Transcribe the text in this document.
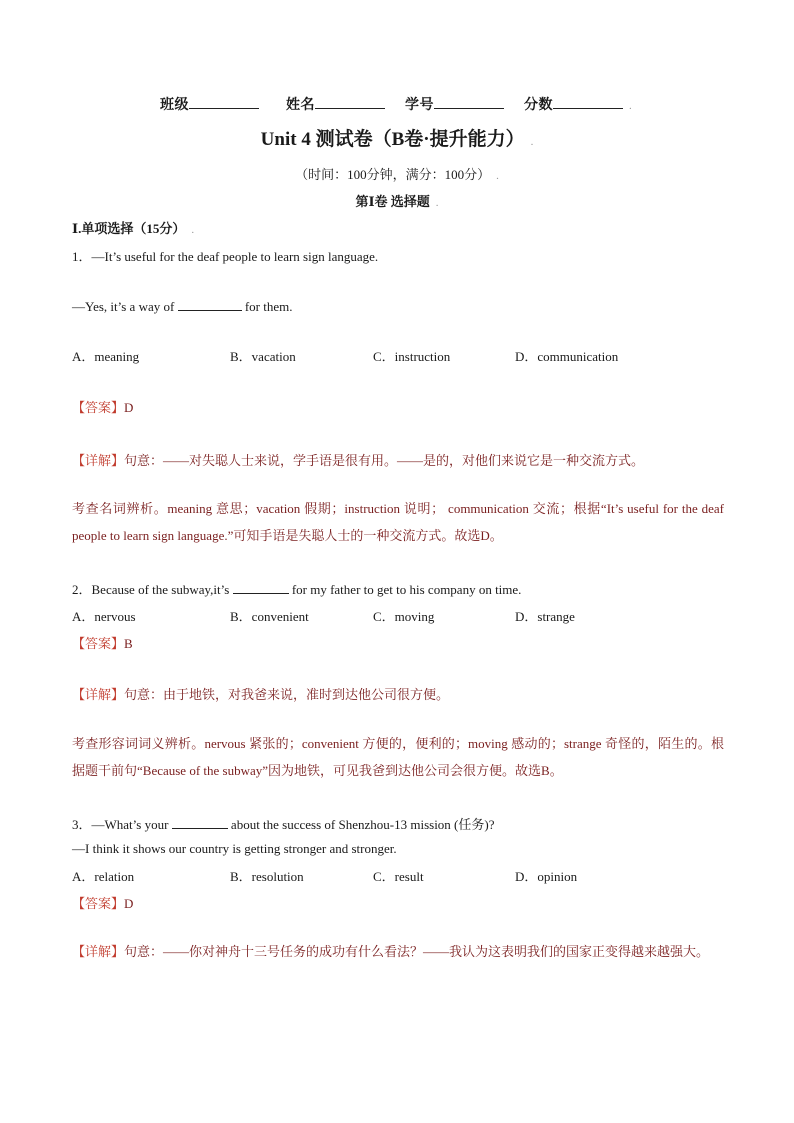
班级	姓名	学号	分数	.
Unit 4 测试卷（B卷·提升能力） .
（时间：100分钟，满分：100分） .
第Ⅰ卷 选择题 .
Ⅰ.单项选择（15分） .
1．—It’s useful for the deaf people to learn sign language.
—Yes, it’s a way of	for them.
A．meaning	B．vacation	C．instruction	D．communication
【答案】D
【详解】句意：——对失聪人士来说，学手语是很有用。——是的，对他们来说它是一种交流方式。
考查名词辨析。meaning 意思；vacation 假期；instruction 说明； communication 交流；根据“It’s useful for the deaf people to learn sign language.”可知手语是失聪人士的一种交流方式。故选D。
2．Because of the subway,it’s	for my father to get to his company on time.
A．nervous	B．convenient	C．moving	D．strange
【答案】B
【详解】句意：由于地铁，对我爸来说，准时到达他公司很方便。
考查形容词词义辨析。nervous 紧张的；convenient 方便的，便利的；moving 感动的；strange 奇怪的，陌生的。根据题干前句“Because of the subway”因为地铁，可见我爸到达他公司会很方便。故选B。
3．—What’s your	about the success of Shenzhou-13 mission (任务)?
—I think it shows our country is getting stronger and stronger.
A．relation	B．resolution	C．result	D．opinion
【答案】D
【详解】句意：——你对神舟十三号任务的成功有什么看法？——我认为这表明我们的国家正变得越来越强大。
